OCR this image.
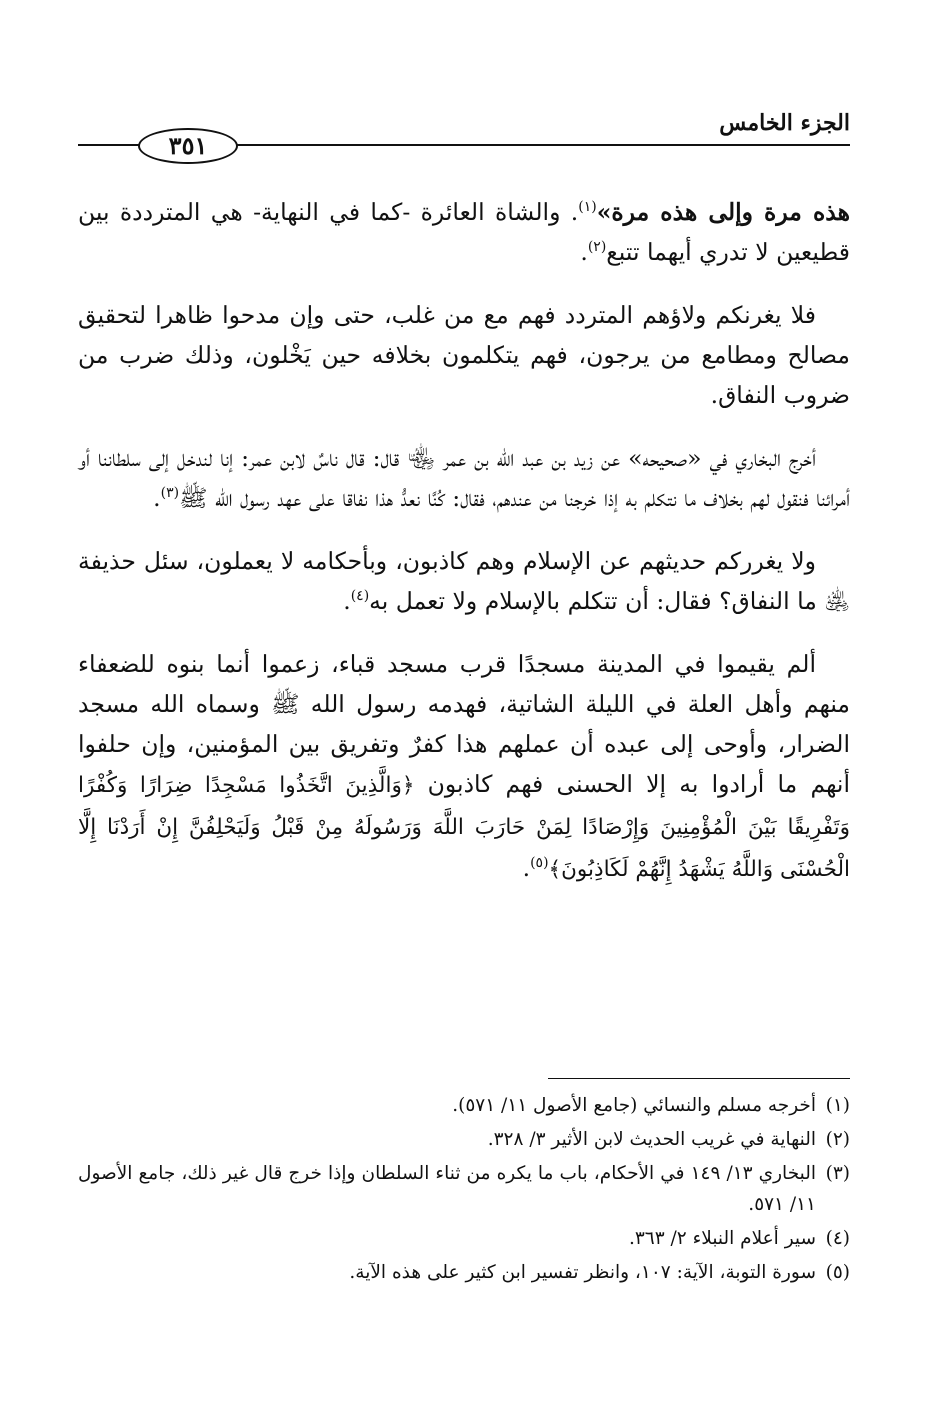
الجزء الخامس
٣٥١

هذه مرة وإلى هذه مرة»$^{(١)}$. والشاة العائرة -كما في النهاية- هي المترددة بين قطيعين لا تدري أيهما تتبع$^{(٢)}$.

فلا يغرنكم ولاؤهم المتردد فهم مع من غلب، حتى وإن مدحوا ظاهرا لتحقيق مصالح ومطامع من يرجون، فهم يتكلمون بخلافه حين يَخْلون، وذلك ضرب من ضروب النفاق.

أخرج البخاري في «صحيحه» عن زيد بن عبد الله بن عمر ﵄ قال: قال ناسٌ لابن عمر: إنا لندخل إلى سلطاننا أو أمرائنا فنقول لهم بخلاف ما نتكلم به إذا خرجنا من عندهم، فقال: كُنَّا نعدُّ هذا نفاقا على عهد رسول الله ﷺ$^{(٣)}$.

ولا يغرركم حديثهم عن الإسلام وهم كاذبون، وبأحكامه لا يعملون، سئل حذيفة ﵁ ما النفاق؟ فقال: أن تتكلم بالإسلام ولا تعمل به$^{(٤)}$.

ألم يقيموا في المدينة مسجدًا قرب مسجد قباء، زعموا أنما بنوه للضعفاء منهم وأهل العلة في الليلة الشاتية، فهدمه رسول الله ﷺ وسماه الله مسجد الضرار، وأوحى إلى عبده أن عملهم هذا كفرٌ وتفريق بين المؤمنين، وإن حلفوا أنهم ما أرادوا به إلا الحسنى فهم كاذبون ﴿وَالَّذِينَ اتَّخَذُوا مَسْجِدًا ضِرَارًا وَكُفْرًا وَتَفْرِيقًا بَيْنَ الْمُؤْمِنِينَ وَإِرْصَادًا لِمَنْ حَارَبَ اللَّهَ وَرَسُولَهُ مِنْ قَبْلُ وَلَيَحْلِفُنَّ إِنْ أَرَدْنَا إِلَّا الْحُسْنَى وَاللَّهُ يَشْهَدُ إِنَّهُمْ لَكَاذِبُونَ﴾$^{(٥)}$.

(١)
أخرجه مسلم والنسائي (جامع الأصول ١١/ ٥٧١).
(٢)
النهاية في غريب الحديث لابن الأثير ٣/ ٣٢٨.
(٣)
البخاري ١٣/ ١٤٩ في الأحكام، باب ما يكره من ثناء السلطان وإذا خرج قال غير ذلك، جامع الأصول ١١/ ٥٧١.
(٤)
سير أعلام النبلاء ٢/ ٣٦٣.
(٥)
سورة التوبة، الآية: ١٠٧، وانظر تفسير ابن كثير على هذه الآية.
